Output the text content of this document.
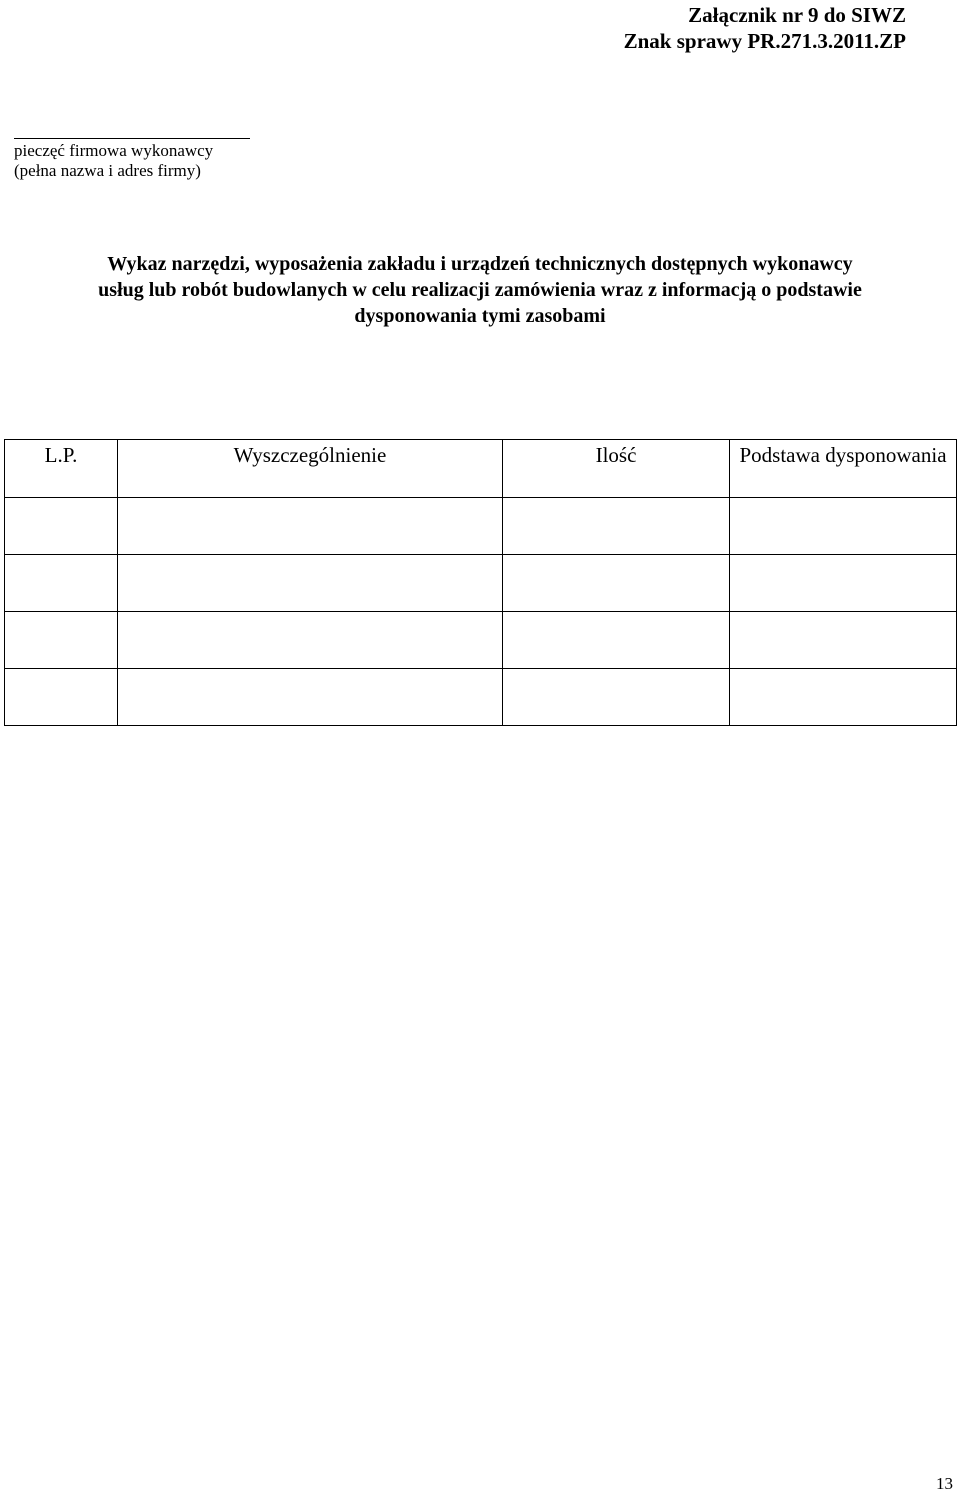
Załącznik nr 9 do SIWZ
Znak sprawy PR.271.3.2011.ZP
pieczęć firmowa wykonawcy
(pełna nazwa i adres firmy)
Wykaz narzędzi, wyposażenia zakładu i urządzeń technicznych dostępnych wykonawcy
usług lub robót budowlanych w celu realizacji zamówienia wraz z informacją o podstawie
dysponowania tymi zasobami
L.P.	Wyszczególnienie	Ilość	Podstawa dysponowania

13
